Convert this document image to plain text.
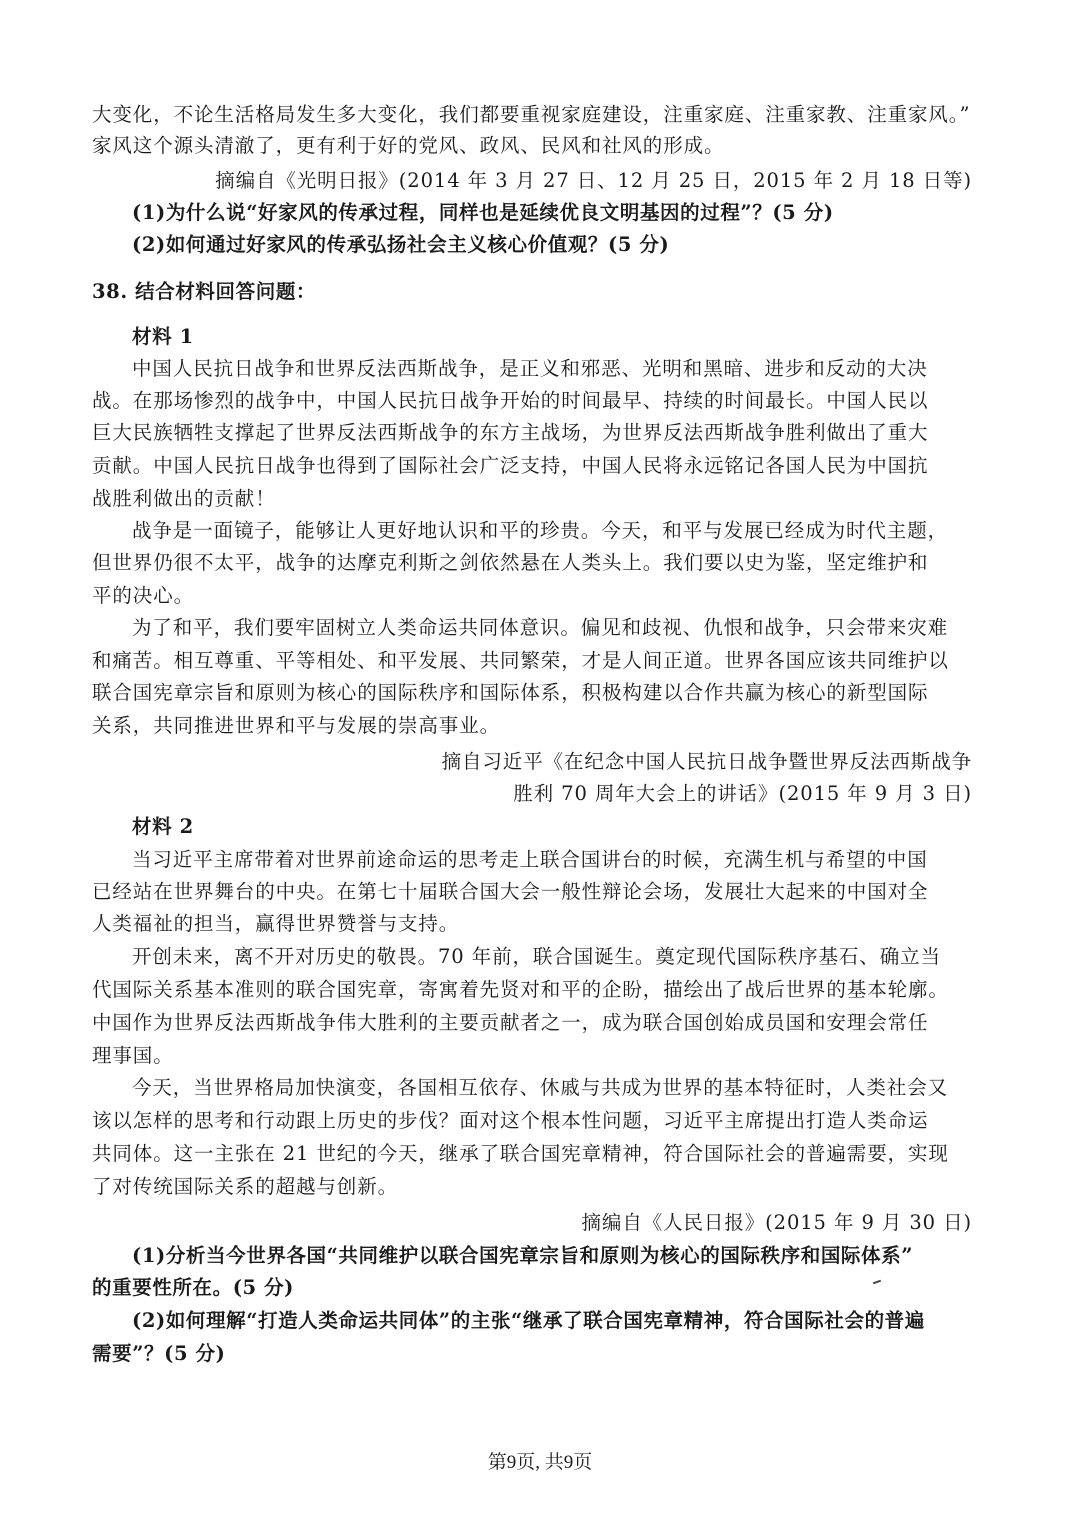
大变化，不论生活格局发生多大变化，我们都要重视家庭建设，注重家庭、注重家教、注重家风。”
家风这个源头清澈了，更有利于好的党风、政风、民风和社风的形成。
摘编自《光明日报》(2014 年 3 月 27 日、12 月 25 日，2015 年 2 月 18 日等)
(1)为什么说“好家风的传承过程，同样也是延续优良文明基因的过程”？(5 分)
(2)如何通过好家风的传承弘扬社会主义核心价值观？(5 分)
38. 结合材料回答问题：
材料 1
中国人民抗日战争和世界反法西斯战争，是正义和邪恶、光明和黑暗、进步和反动的大决
战。在那场惨烈的战争中，中国人民抗日战争开始的时间最早、持续的时间最长。中国人民以
巨大民族牺牲支撑起了世界反法西斯战争的东方主战场，为世界反法西斯战争胜利做出了重大
贡献。中国人民抗日战争也得到了国际社会广泛支持，中国人民将永远铭记各国人民为中国抗
战胜利做出的贡献！
战争是一面镜子，能够让人更好地认识和平的珍贵。今天，和平与发展已经成为时代主题，
但世界仍很不太平，战争的达摩克利斯之剑依然悬在人类头上。我们要以史为鉴，坚定维护和
平的决心。
为了和平，我们要牢固树立人类命运共同体意识。偏见和歧视、仇恨和战争，只会带来灾难
和痛苦。相互尊重、平等相处、和平发展、共同繁荣，才是人间正道。世界各国应该共同维护以
联合国宪章宗旨和原则为核心的国际秩序和国际体系，积极构建以合作共赢为核心的新型国际
关系，共同推进世界和平与发展的崇高事业。
摘自习近平《在纪念中国人民抗日战争暨世界反法西斯战争
胜利 70 周年大会上的讲话》(2015 年 9 月 3 日)
材料 2
当习近平主席带着对世界前途命运的思考走上联合国讲台的时候，充满生机与希望的中国
已经站在世界舞台的中央。在第七十届联合国大会一般性辩论会场，发展壮大起来的中国对全
人类福祉的担当，赢得世界赞誉与支持。
开创未来，离不开对历史的敬畏。70 年前，联合国诞生。奠定现代国际秩序基石、确立当
代国际关系基本准则的联合国宪章，寄寓着先贤对和平的企盼，描绘出了战后世界的基本轮廓。
中国作为世界反法西斯战争伟大胜利的主要贡献者之一，成为联合国创始成员国和安理会常任
理事国。
今天，当世界格局加快演变，各国相互依存、休戚与共成为世界的基本特征时，人类社会又
该以怎样的思考和行动跟上历史的步伐？面对这个根本性问题，习近平主席提出打造人类命运
共同体。这一主张在 21 世纪的今天，继承了联合国宪章精神，符合国际社会的普遍需要，实现
了对传统国际关系的超越与创新。
摘编自《人民日报》(2015 年 9 月 30 日)
(1)分析当今世界各国“共同维护以联合国宪章宗旨和原则为核心的国际秩序和国际体系”
的重要性所在。(5 分)
(2)如何理解“打造人类命运共同体”的主张“继承了联合国宪章精神，符合国际社会的普遍
需要”？(5 分)
第9页, 共9页
